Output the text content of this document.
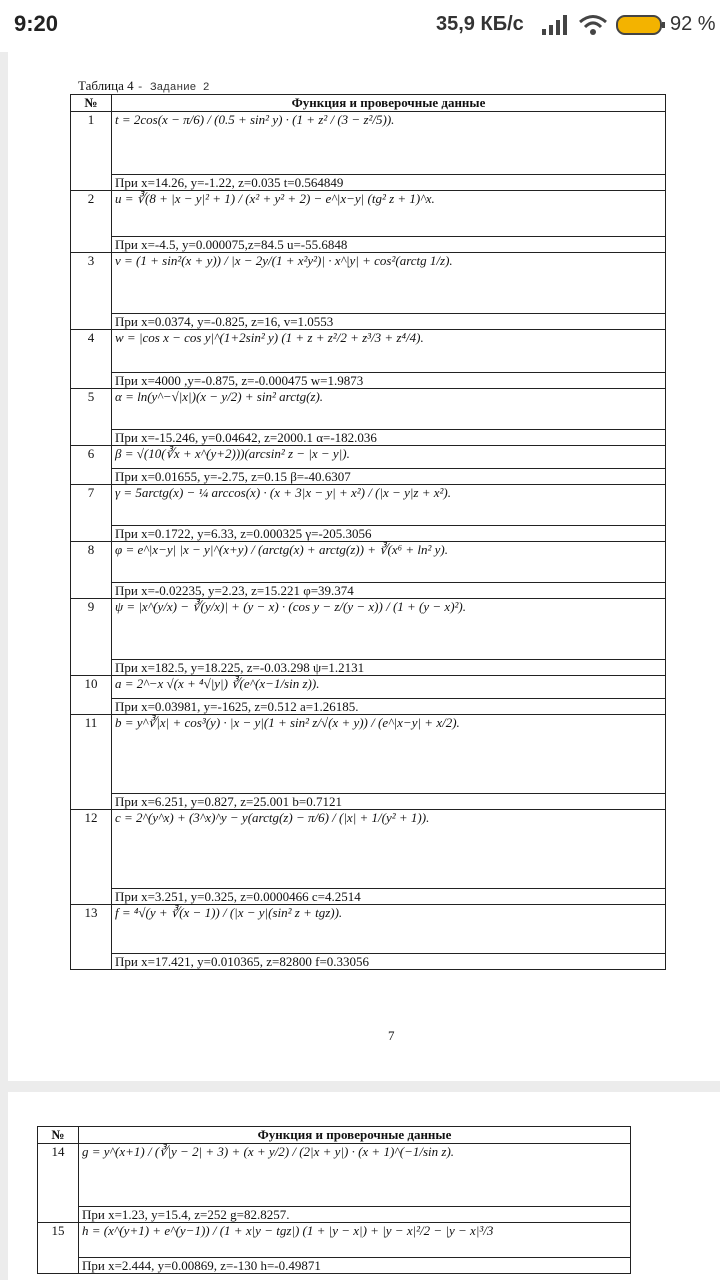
9:20	35,9 КБ/с	92 %
Таблица 4 - Задание 2
№	Функция и проверочные данные
1	t = 2cos(x − π/6) / (0.5 + sin² y) · (1 + z² / (3 − z²/5)).
	При x=14.26, y=-1.22, z=0.035 t=0.564849
2	u = ∛(8 + |x − y|² + 1) / (x² + y² + 2) − e^|x−y| (tg² z + 1)^x.
	При x=-4.5, y=0.000075,z=84.5 u=-55.6848
3	v = (1 + sin²(x + y)) / |x − 2y/(1 + x²y²)| · x^|y| + cos²(arctg 1/z).
	При x=0.0374, y=-0.825, z=16, v=1.0553
4	w = |cos x − cos y|^(1+2sin² y) (1 + z + z²/2 + z³/3 + z⁴/4).
	При x=4000 ,y=-0.875, z=-0.000475 w=1.9873
5	α = ln(y^−√|x|)(x − y/2) + sin² arctg(z).
	При x=-15.246, y=0.04642, z=2000.1 α=-182.036
6	β = √(10(∛x + x^(y+2)))(arcsin² z − |x − y|).
	При x=0.01655, y=-2.75, z=0.15 β=-40.6307
7	γ = 5arctg(x) − ¼ arccos(x) · (x + 3|x − y| + x²) / (|x − y|z + x²).
	При x=0.1722, y=6.33, z=0.000325 γ=-205.3056
8	φ = e^|x−y| |x − y|^(x+y) / (arctg(x) + arctg(z)) + ∛(x⁶ + ln² y).
	При x=-0.02235, y=2.23, z=15.221 φ=39.374
9	ψ = |x^(y/x) − ∛(y/x)| + (y − x) · (cos y − z/(y − x)) / (1 + (y − x)²).
	При x=182.5, y=18.225, z=-0.03.298 ψ=1.2131
10	a = 2^−x √(x + ⁴√|y|) ∛(e^(x−1/sin z)).
	При x=0.03981, y=-1625, z=0.512 a=1.26185.
11	b = y^∛|x| + cos³(y) · |x − y|(1 + sin² z/√(x + y)) / (e^|x−y| + x/2).
	При x=6.251, y=0.827, z=25.001 b=0.7121
12	c = 2^(y^x) + (3^x)^y − y(arctg(z) − π/6) / (|x| + 1/(y² + 1)).
	При x=3.251, y=0.325, z=0.0000466 c=4.2514
13	f = ⁴√(y + ∛(x − 1)) / (|x − y|(sin² z + tgz)).
	При x=17.421, y=0.010365, z=82800 f=0.33056
7
№	Функция и проверочные данные
14	g = y^(x+1) / (∛|y − 2| + 3) + (x + y/2) / (2|x + y|) · (x + 1)^(−1/sin z).
	При x=1.23, y=15.4, z=252 g=82.8257.
15	h = (x^(y+1) + e^(y−1)) / (1 + x|y − tgz|) (1 + |y − x|) + |y − x|²/2 − |y − x|³/3
	При x=2.444, y=0.00869, z=-130 h=-0.49871
